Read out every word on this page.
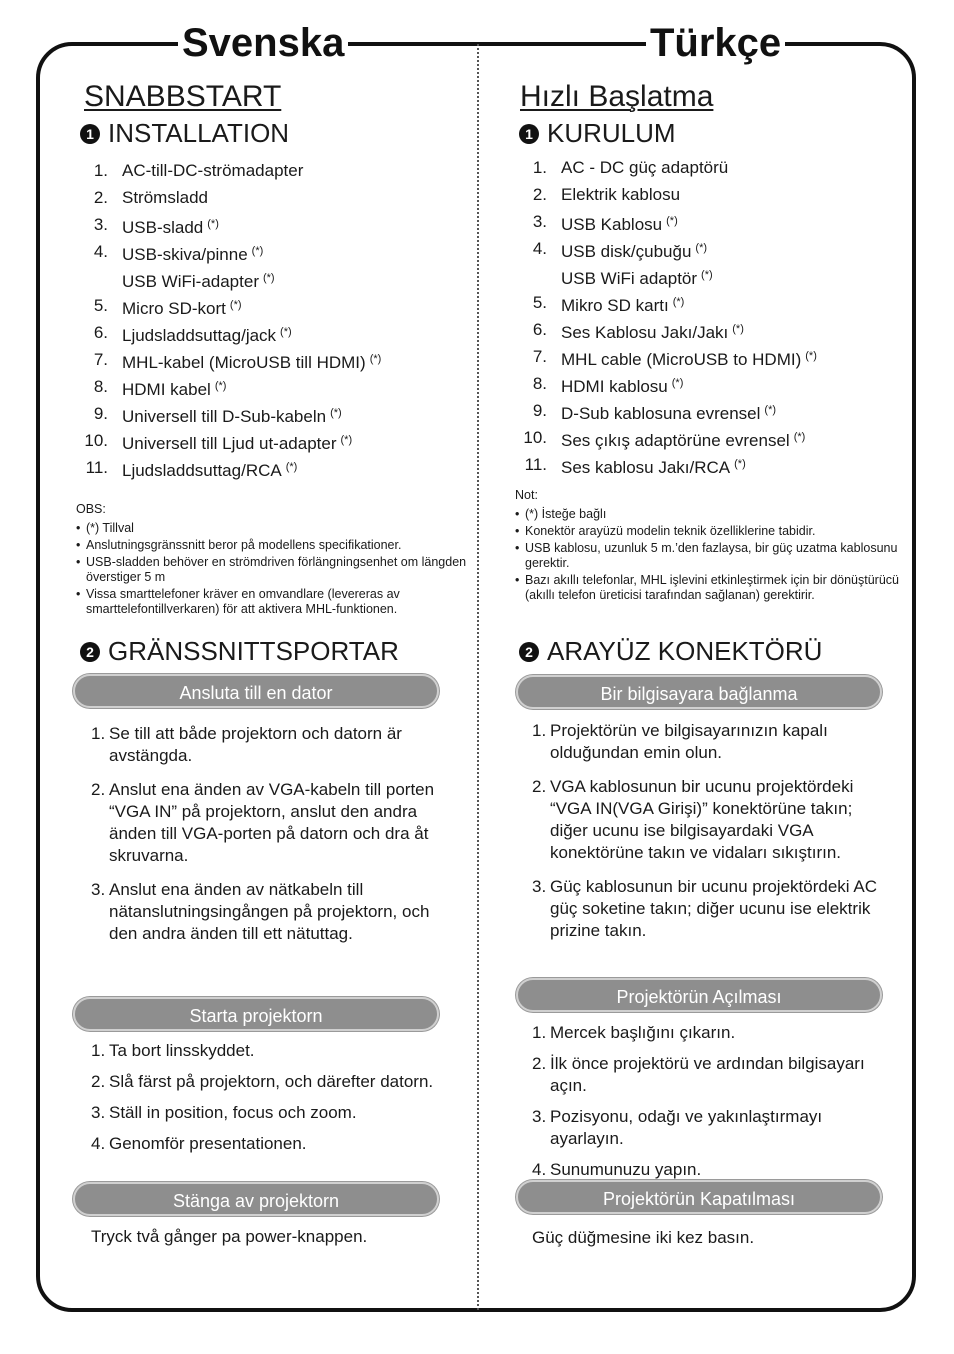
Svenska	Türkçe
SNABBSTART
1 INSTALLATION
1. AC-till-DC-strömadapter
2. Strömsladd
3. USB-sladd (*)
4. USB-skiva/pinne (*)
USB WiFi-adapter (*)
5. Micro SD-kort (*)
6. Ljudsladdsuttag/jack (*)
7. MHL-kabel (MicroUSB till HDMI) (*)
8. HDMI kabel (*)
9. Universell till D-Sub-kabeln (*)
10. Universell till Ljud ut-adapter (*)
11. Ljudsladdsuttag/RCA (*)
OBS:
• (*) Tillval
• Anslutningsgränssnitt beror på modellens specifikationer.
• USB-sladden behöver en strömdriven förlängningsenhet om längden överstiger 5 m
• Vissa smarttelefoner kräver en omvandlare (levereras av smarttelefontillverkaren) för att aktivera MHL-funktionen.
2 GRÄNSSNITTSPORTAR
Ansluta till en dator
1. Se till att både projektorn och datorn är avstängda.
2. Anslut ena änden av VGA-kabeln till porten “VGA IN” på projektorn, anslut den andra änden till VGA-porten på datorn och dra åt skruvarna.
3. Anslut ena änden av nätkabeln till nätanslutningsingången på projektorn, och den andra änden till ett nätuttag.
Starta projektorn
1. Ta bort linsskyddet.
2. Slå färst på projektorn, och därefter datorn.
3. Ställ in position, focus och zoom.
4. Genomför presentationen.
Stänga av projektorn
Tryck två gånger pa power-knappen.
Hızlı Başlatma
1 KURULUM
1. AC - DC güç adaptörü
2. Elektrik kablosu
3. USB Kablosu (*)
4. USB disk/çubuğu (*)
USB WiFi adaptör (*)
5. Mikro SD kartı (*)
6. Ses Kablosu Jakı/Jakı (*)
7. MHL cable (MicroUSB to HDMI) (*)
8. HDMI kablosu (*)
9. D-Sub kablosuna evrensel (*)
10. Ses çıkış adaptörüne evrensel (*)
11. Ses kablosu Jakı/RCA (*)
Not:
• (*) İsteğe bağlı
• Konektör arayüzü modelin teknik özelliklerine tabidir.
• USB kablosu, uzunluk 5 m.’den fazlaysa, bir güç uzatma kablosunu gerektir.
• Bazı akıllı telefonlar, MHL işlevini etkinleştirmek için bir dönüştürücü (akıllı telefon üreticisi tarafından sağlanan) gerektirir.
2 ARAYÜZ KONEKTÖRÜ
Bir bilgisayara bağlanma
1. Projektörün ve bilgisayarınızın kapalı olduğundan emin olun.
2. VGA kablosunun bir ucunu projektördeki “VGA IN(VGA Girişi)” konektörüne takın; diğer ucunu ise bilgisayardaki VGA konektörüne takın ve vidaları sıkıştırın.
3. Güç kablosunun bir ucunu projektördeki AC güç soketine takın; diğer ucunu ise elektrik prizine takın.
Projektörün Açılması
1. Mercek başlığını çıkarın.
2. İlk önce projektörü ve ardından bilgisayarı açın.
3. Pozisyonu, odağı ve yakınlaştırmayı ayarlayın.
4. Sunumunuzu yapın.
Projektörün Kapatılması
Güç düğmesine iki kez basın.
